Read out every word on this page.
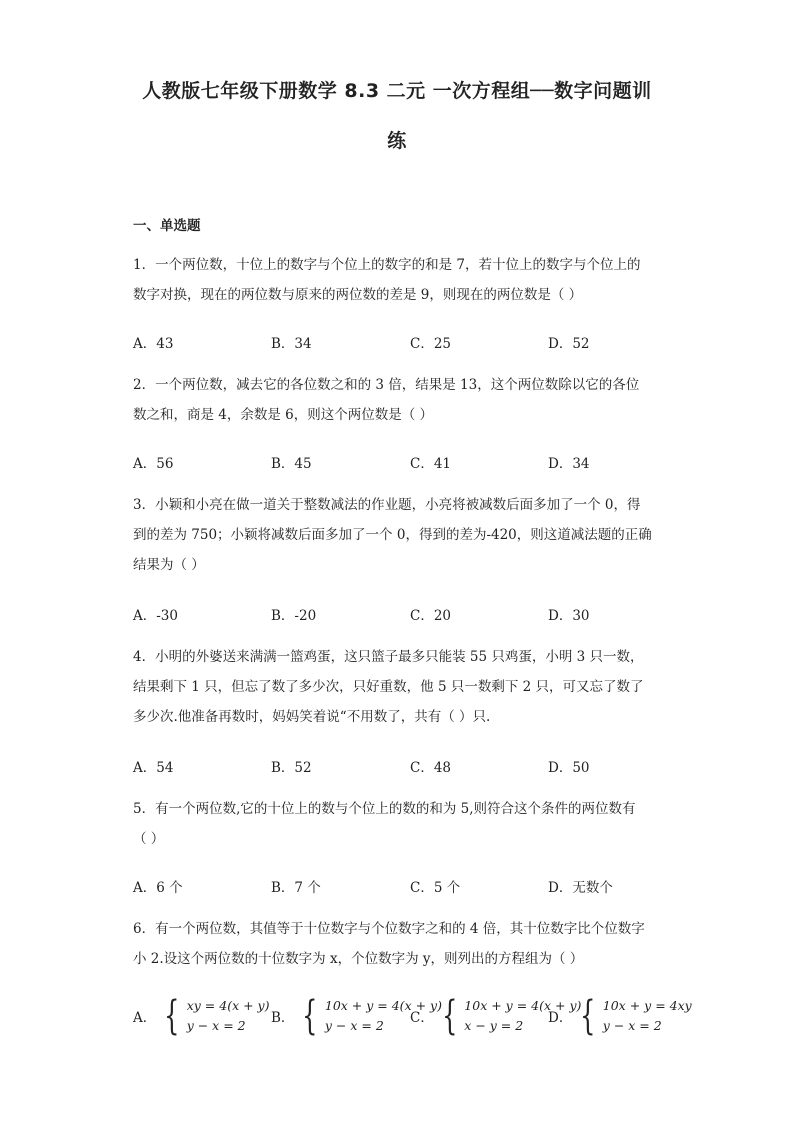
人教版七年级下册数学 8.3 二元 一次方程组──数字问题训
练
一、单选题
1．一个两位数，十位上的数字与个位上的数字的和是 7，若十位上的数字与个位上的
数字对换，现在的两位数与原来的两位数的差是 9，则现在的两位数是（ ）
A．43	B．34	C．25	D．52
2．一个两位数，减去它的各位数之和的 3 倍，结果是 13，这个两位数除以它的各位
数之和，商是 4，余数是 6，则这个两位数是（ ）
A．56	B．45	C．41	D．34
3．小颖和小亮在做一道关于整数减法的作业题，小亮将被减数后面多加了一个 0，得
到的差为 750；小颖将减数后面多加了一个 0，得到的差为-420，则这道减法题的正确
结果为（ ）
A．-30	B．-20	C．20	D．30
4．小明的外婆送来满满一篮鸡蛋，这只篮子最多只能装 55 只鸡蛋，小明 3 只一数，
结果剩下 1 只，但忘了数了多少次，只好重数，他 5 只一数剩下 2 只，可又忘了数了
多少次.他准备再数时，妈妈笑着说“不用数了，共有（ ）只.
A．54	B．52	C．48	D．50
5．有一个两位数,它的十位上的数与个位上的数的和为 5,则符合这个条件的两位数有
（ ）
A．6 个	B．7 个	C．5 个	D．无数个
6．有一个两位数，其值等于十位数字与个位数字之和的 4 倍，其十位数字比个位数字
小 2.设这个两位数的十位数字为 x，个位数字为 y，则列出的方程组为（ ）
A． { xy = 4(x + y)
y − x = 2	B． { 10x + y = 4(x + y)
y − x = 2	C． { 10x + y = 4(x + y)
x − y = 2	D． { 10x + y = 4xy
y − x = 2
